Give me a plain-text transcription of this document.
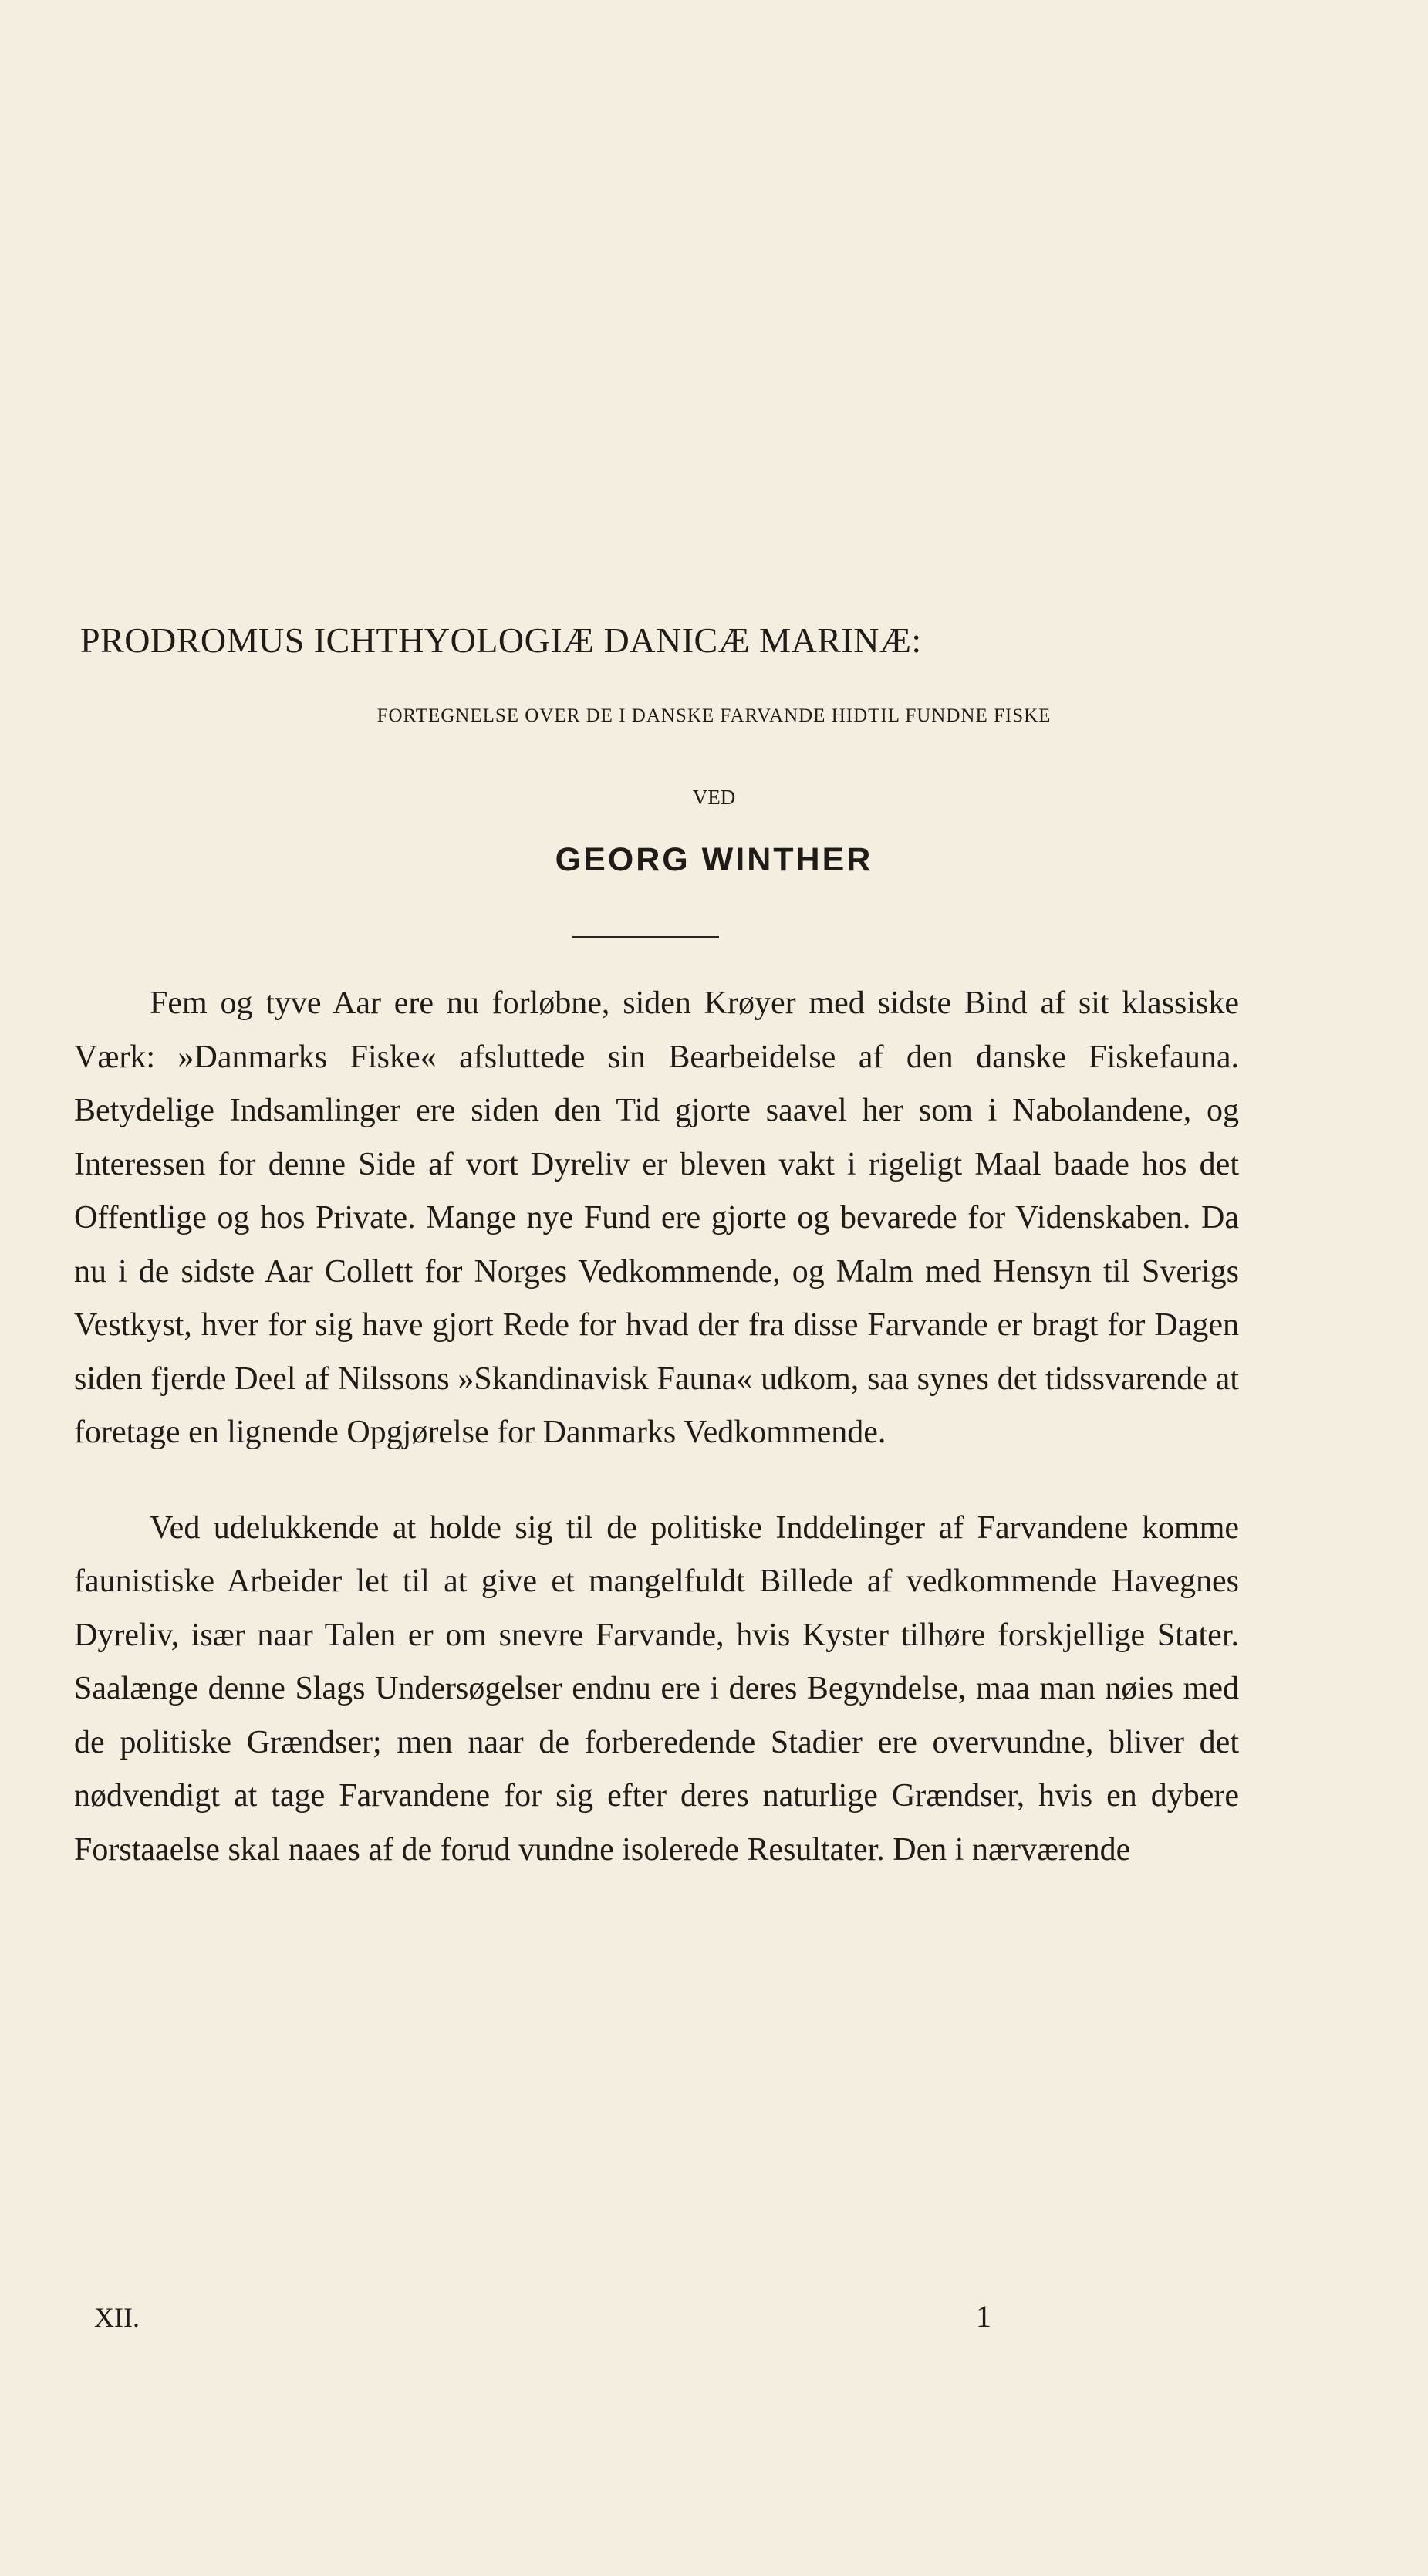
PRODROMUS ICHTHYOLOGIÆ DANICÆ MARINÆ:
FORTEGNELSE OVER DE I DANSKE FARVANDE HIDTIL FUNDNE FISKE
VED
GEORG WINTHER

Fem og tyve Aar ere nu forløbne, siden Krøyer med sidste Bind af sit klassiske Værk: »Danmarks Fiske« afsluttede sin Bearbeidelse af den danske Fiskefauna. Betydelige Indsamlinger ere siden den Tid gjorte saavel her som i Nabolandene, og Interessen for denne Side af vort Dyreliv er bleven vakt i rigeligt Maal baade hos det Offentlige og hos Private. Mange nye Fund ere gjorte og bevarede for Videnskaben. Da nu i de sidste Aar Collett for Norges Vedkommende, og Malm med Hensyn til Sverigs Vestkyst, hver for sig have gjort Rede for hvad der fra disse Farvande er bragt for Dagen siden fjerde Deel af Nilssons »Skandinavisk Fauna« udkom, saa synes det tidssvarende at foretage en lignende Opgjørelse for Danmarks Vedkommende.

Ved udelukkende at holde sig til de politiske Inddelinger af Farvandene komme faunistiske Arbeider let til at give et mangelfuldt Billede af vedkommende Havegnes Dyreliv, især naar Talen er om snevre Farvande, hvis Kyster tilhøre forskjellige Stater. Saalænge denne Slags Undersøgelser endnu ere i deres Begyndelse, maa man nøies med de politiske Grændser; men naar de forberedende Stadier ere overvundne, bliver det nødvendigt at tage Farvandene for sig efter deres naturlige Grændser, hvis en dybere Forstaaelse skal naaes af de forud vundne isolerede Resultater. Den i nærværende

XII.	1
